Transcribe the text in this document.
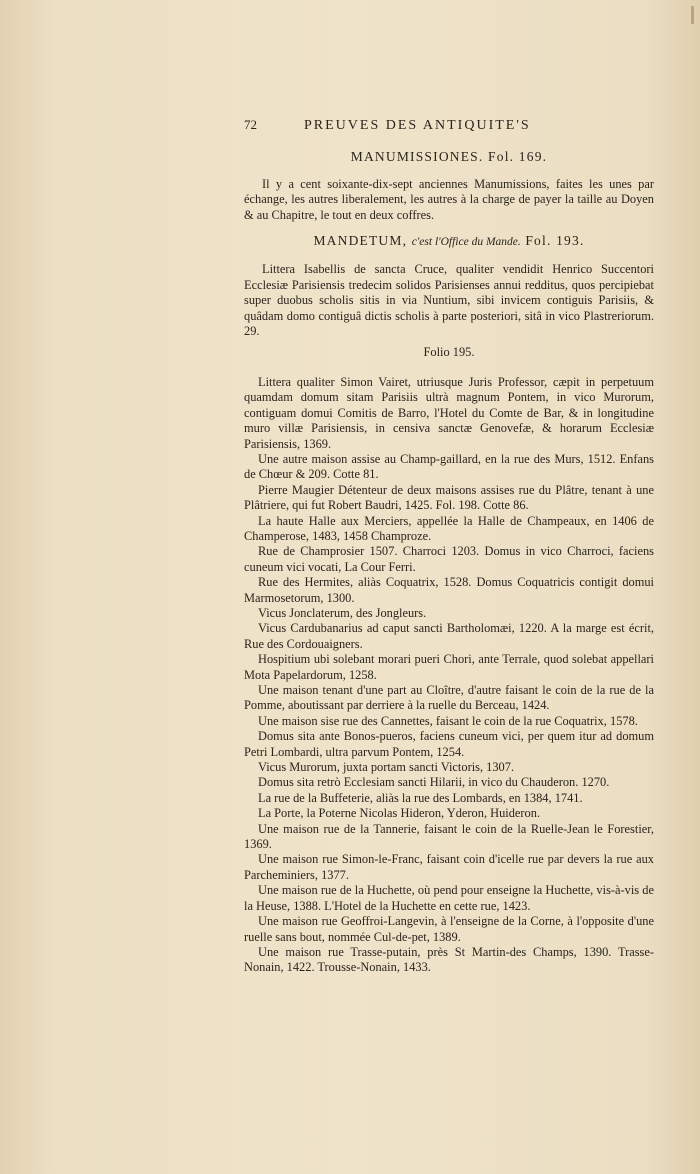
72	PREUVES DES ANTIQUITE'S
MANUMISSIONES. Fol. 169.

Il y a cent soixante-dix-sept anciennes Manumissions, faites les unes par échange, les autres liberalement, les autres à la charge de payer la taille au Doyen & au Chapitre, le tout en deux coffres.

MANDETUM, c'est l'Office du Mande. Fol. 193.

Littera Isabellis de sancta Cruce, qualiter vendidit Henrico Succentori Ecclesiæ Parisiensis tredecim solidos Parisienses annui redditus, quos percipiebat super duobus scholis sitis in via Nuntium, sibi invicem contiguis Parisiis, & quâdam domo contiguâ dictis scholis à parte posteriori, sitâ in vico Plastreriorum. 29.

Folio 195.

Littera qualiter Simon Vairet, utriusque Juris Professor, cæpit in perpetuum quamdam domum sitam Parisiis ultrà magnum Pontem, in vico Murorum, contiguam domui Comitis de Barro, l'Hotel du Comte de Bar, & in longitudine muro villæ Parisiensis, in censiva sanctæ Genovefæ, & horarum Ecclesiæ Parisiensis, 1369.

Une autre maison assise au Champ-gaillard, en la rue des Murs, 1512. Enfans de Chœur & 209. Cotte 81.

Pierre Maugier Détenteur de deux maisons assises rue du Plâtre, tenant à une Plâtriere, qui fut Robert Baudri, 1425. Fol. 198. Cotte 86.

La haute Halle aux Merciers, appellée la Halle de Champeaux, en 1406 de Champerose, 1483, 1458 Champroze.

Rue de Champrosier 1507. Charroci 1203. Domus in vico Charroci, faciens cuneum vici vocati, La Cour Ferri.

Rue des Hermites, aliàs Coquatrix, 1528. Domus Coquatricis contigit domui Marmosetorum, 1300.

Vicus Jonclaterum, des Jongleurs.

Vicus Cardubanarius ad caput sancti Bartholomæi, 1220. A la marge est écrit, Rue des Cordouaigners.

Hospitium ubi solebant morari pueri Chori, ante Terrale, quod solebat appellari Mota Papelardorum, 1258.

Une maison tenant d'une part au Cloître, d'autre faisant le coin de la rue de la Pomme, aboutissant par derriere à la ruelle du Berceau, 1424.

Une maison sise rue des Cannettes, faisant le coin de la rue Coquatrix, 1578.

Domus sita ante Bonos-pueros, faciens cuneum vici, per quem itur ad domum Petri Lombardi, ultra parvum Pontem, 1254.

Vicus Murorum, juxta portam sancti Victoris, 1307.

Domus sita retrò Ecclesiam sancti Hilarii, in vico du Chauderon. 1270.

La rue de la Buffeterie, aliàs la rue des Lombards, en 1384, 1741.

La Porte, la Poterne Nicolas Hideron, Yderon, Huideron.

Une maison rue de la Tannerie, faisant le coin de la Ruelle-Jean le Forestier, 1369.

Une maison rue Simon-le-Franc, faisant coin d'icelle rue par devers la rue aux Parcheminiers, 1377.

Une maison rue de la Huchette, où pend pour enseigne la Huchette, vis-à-vis de la Heuse, 1388. L'Hotel de la Huchette en cette rue, 1423.

Une maison rue Geoffroi-Langevin, à l'enseigne de la Corne, à l'opposite d'une ruelle sans bout, nommée Cul-de-pet, 1389.

Une maison rue Trasse-putain, près St Martin-des Champs, 1390. Trasse-Nonain, 1422. Trousse-Nonain, 1433.
